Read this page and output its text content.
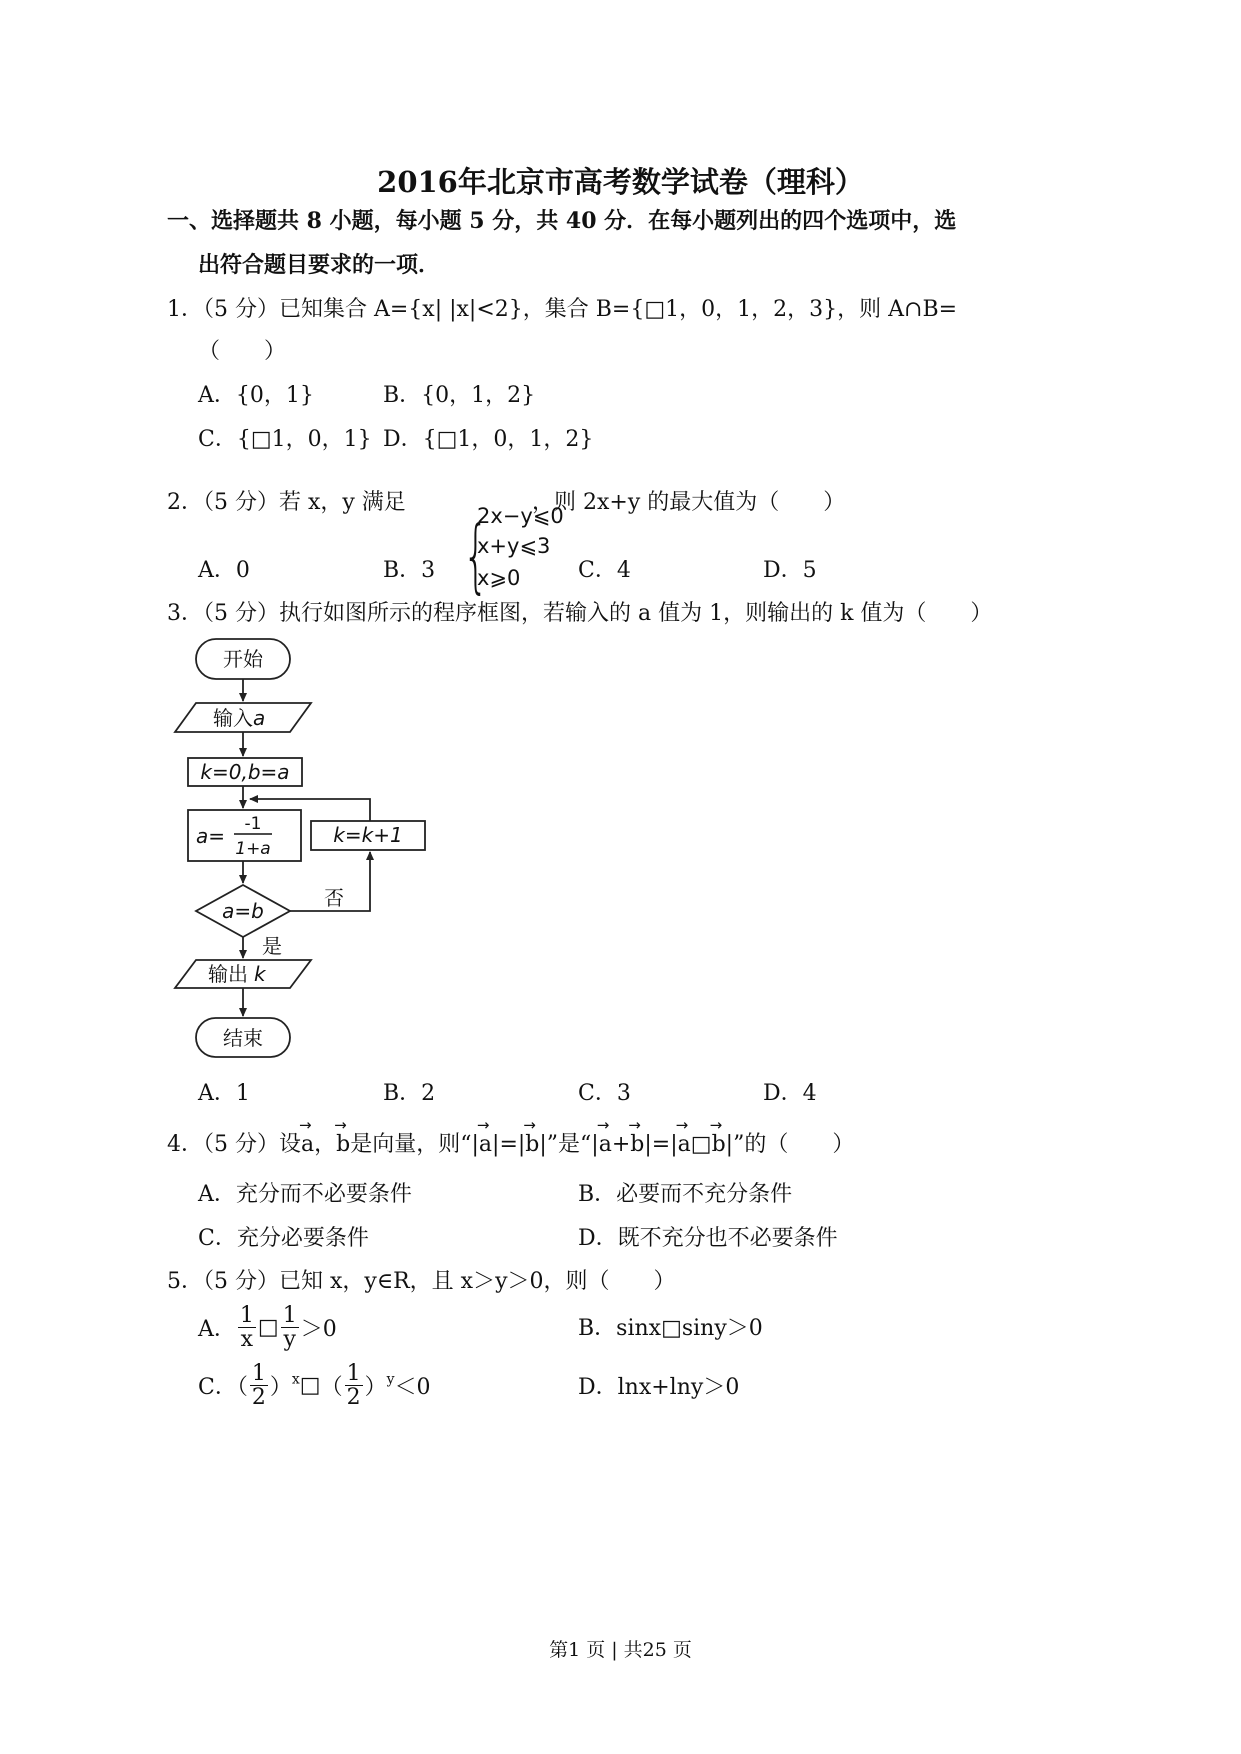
2016年北京市高考数学试卷（理科）
一、选择题共 8 小题，每小题 5 分，共 40 分．在每小题列出的四个选项中，选
出符合题目要求的一项．
1．（5 分）已知集合 A={x| |x|<2}，集合 B={□1，0，1，2，3}，则 A∩B=
（　　）
A．{0，1}	B．{0，1，2}
C．{□1，0，1} D．{□1，0，1，2}
2．（5 分）若 x，y 满足
{
2x−y⩽0
x+y⩽3
x⩾0
，则 2x+y 的最大值为（　　）
A．0	B．3	C．4	D．5
3．（5 分）执行如图所示的程序框图，若输入的 a 值为 1，则输出的 k 值为（　　）
开始
输入a
k=0,b=a
a= -1
1+a
k=k+1
a=b
否
是
输出 k
结束
A．1	B．2	C．3	D．4
4．（5 分）设→ a，→ b是向量，则“|→ a|=|→ b|”是“|→ a+→ b|=|→ a□→ b|”的（　　）
A．充分而不必要条件	B．必要而不充分条件
C．充分必要条件	D．既不充分也不必要条件
5．（5 分）已知 x，y∈R，且 x＞y＞0，则（　　）
A． $\frac{1}{x}$ □ $\frac{1}{y} >0$	B．sinx□siny＞0
C．（ $\frac{1}{2}$ ）$^x$□（ $\frac{1}{2} )^y<0$	D．lnx+lny＞0
第1 页 | 共25 页
